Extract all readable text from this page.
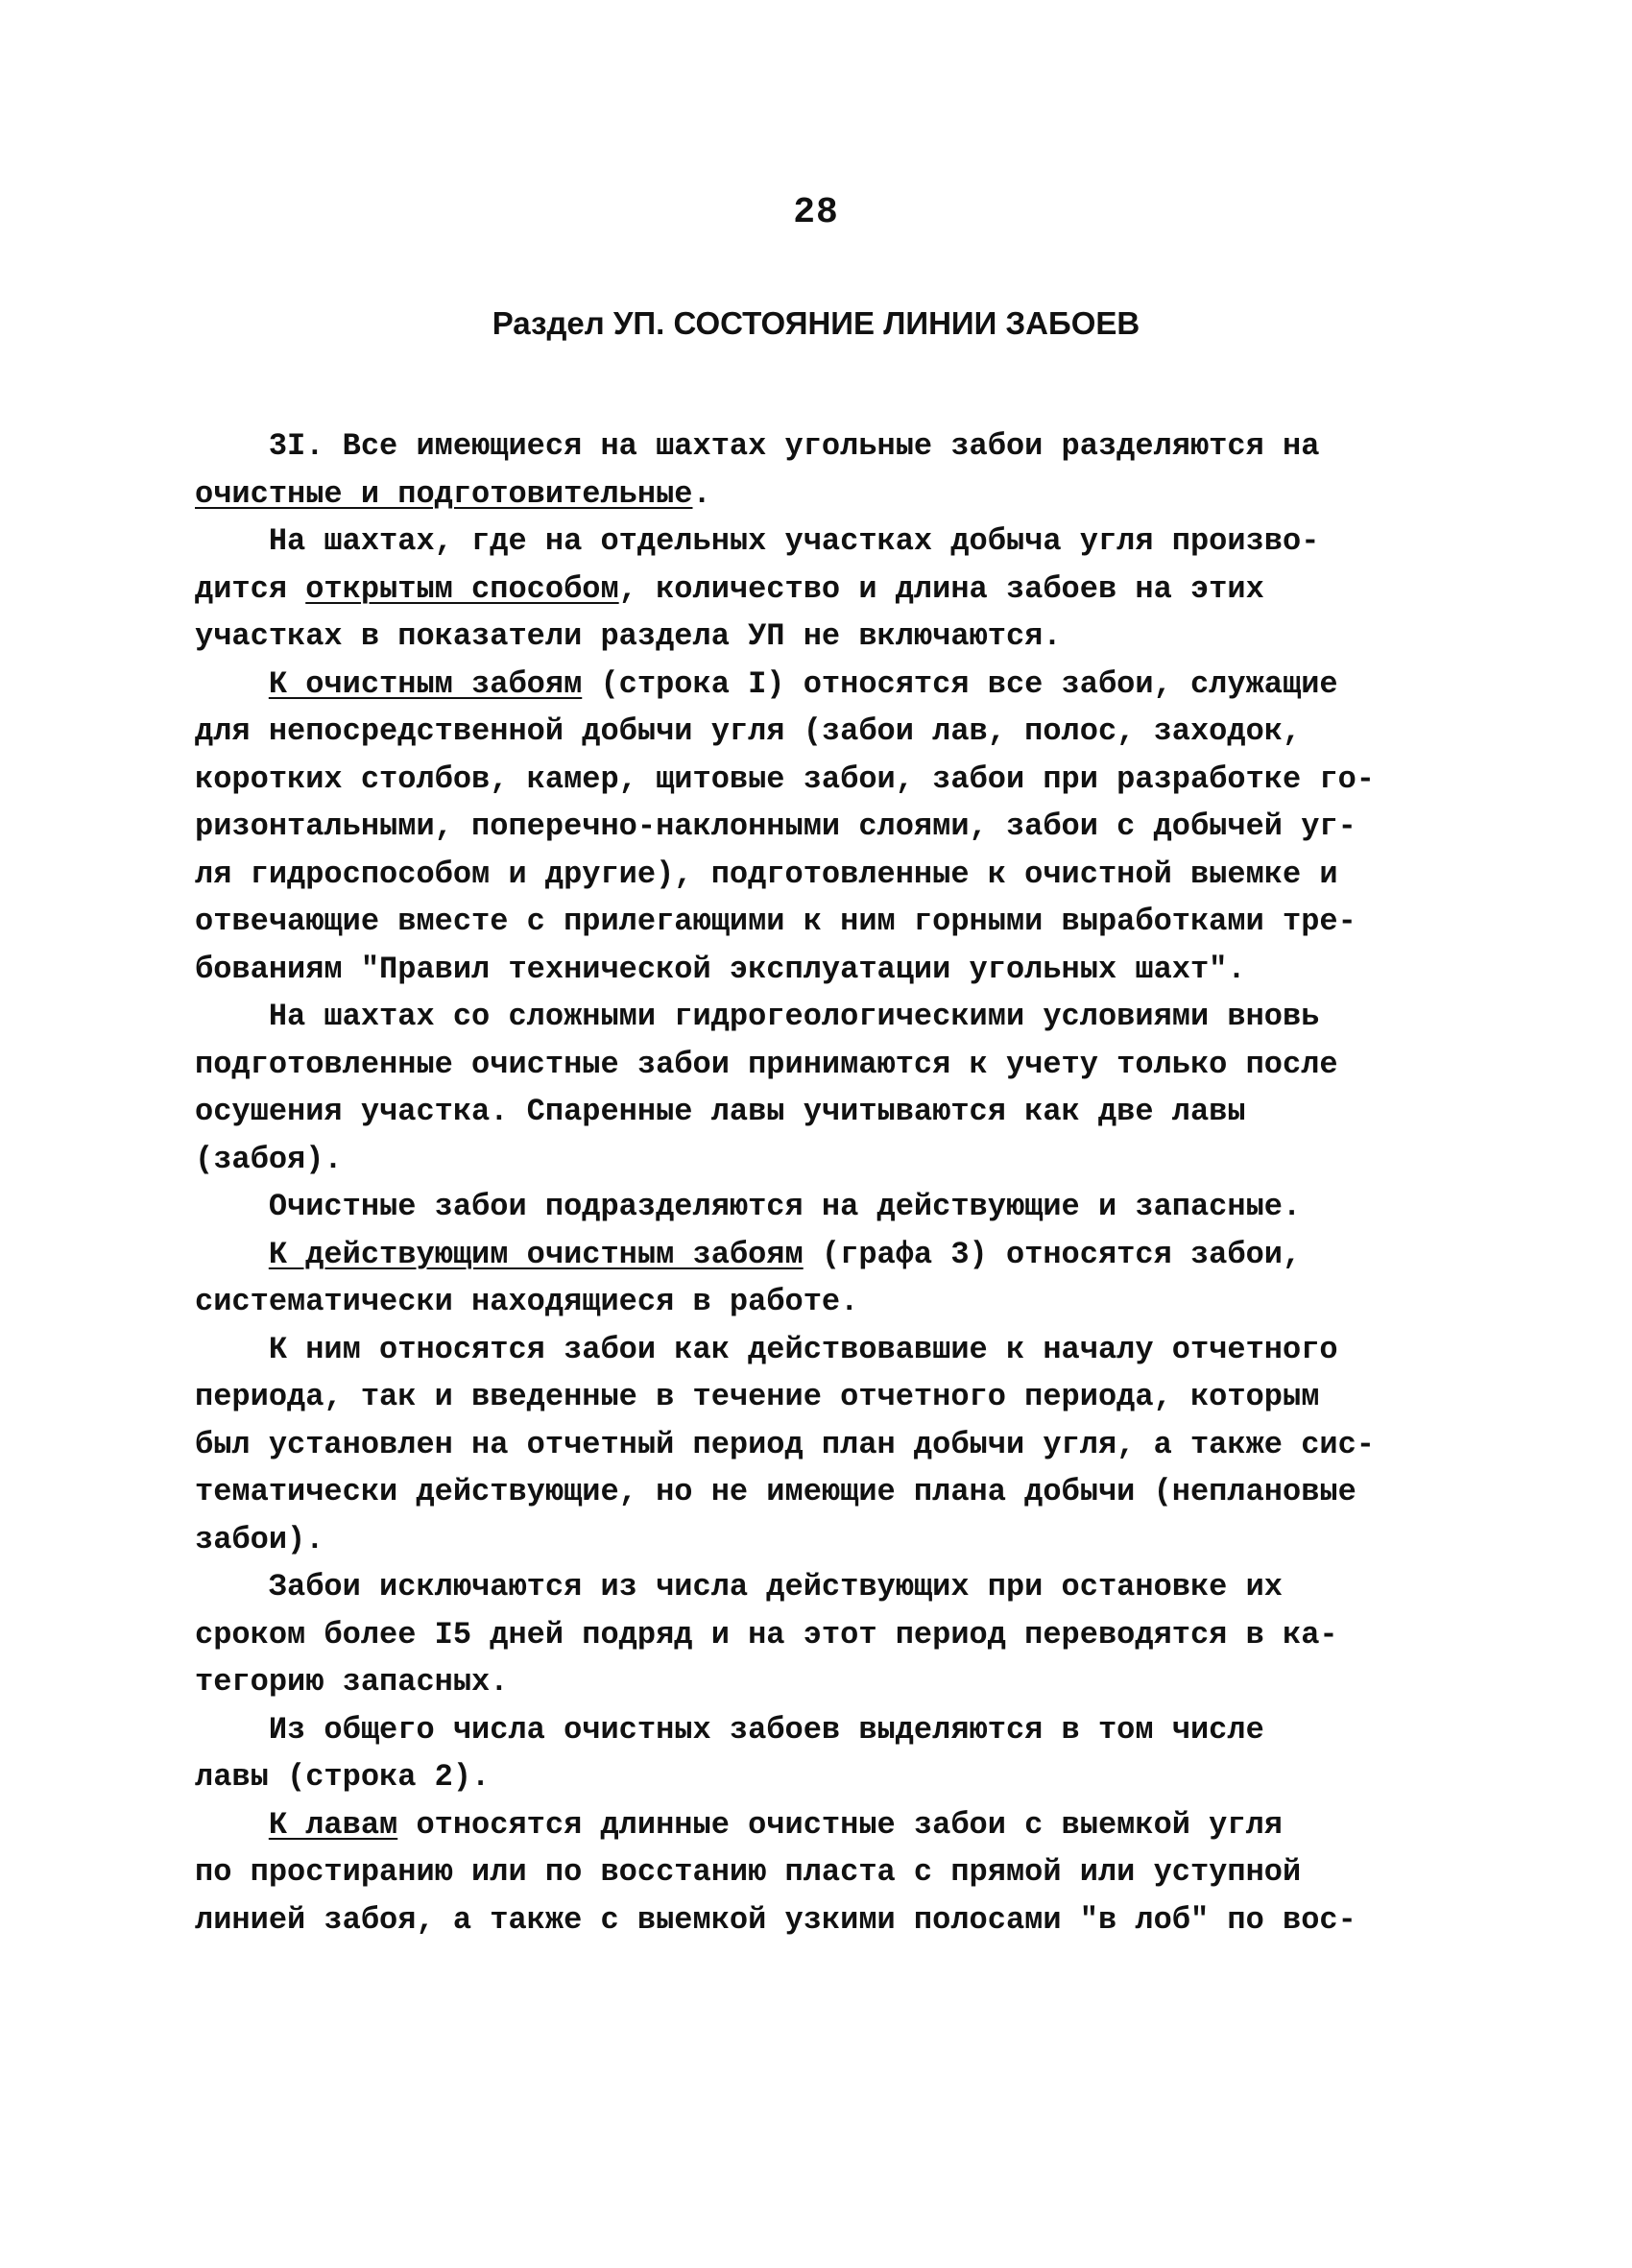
28
Раздел УП. СОСТОЯНИЕ ЛИНИИ ЗАБОЕВ
3I. Все имеющиеся на шахтах угольные забои разделяются на
очистные и подготовительные.
На шахтах, где на отдельных участках добыча угля произво-
дится открытым способом, количество и длина забоев на этих
участках в показатели раздела УП не включаются.
К очистным забоям (строка I) относятся все забои, служащие
для непосредственной добычи угля (забои лав, полос, заходок,
коротких столбов, камер, щитовые забои, забои при разработке го-
ризонтальными, поперечно-наклонными слоями, забои с добычей уг-
ля гидроспособом и другие), подготовленные к очистной выемке и
отвечающие вместе с прилегающими к ним горными выработками тре-
бованиям "Правил технической эксплуатации угольных шахт".
На шахтах со сложными гидрогеологическими условиями вновь
подготовленные очистные забои принимаются к учету только после
осушения участка. Спаренные лавы учитываются как две лавы
(забоя).
Очистные забои подразделяются на действующие и запасные.
К действующим очистным забоям (графа 3) относятся забои,
систематически находящиеся в работе.
К ним относятся забои как действовавшие к началу отчетного
периода, так и введенные в течение отчетного периода, которым
был установлен на отчетный период план добычи угля, а также сис-
тематически действующие, но не имеющие плана добычи (неплановые
забои).
Забои исключаются из числа действующих при остановке их
сроком более I5 дней подряд и на этот период переводятся в ка-
тегорию запасных.
Из общего числа очистных забоев выделяются в том числе
лавы (строка 2).
К лавам относятся длинные очистные забои с выемкой угля
по простиранию или по восстанию пласта с прямой или уступной
линией забоя, а также с выемкой узкими полосами "в лоб" по вос-
